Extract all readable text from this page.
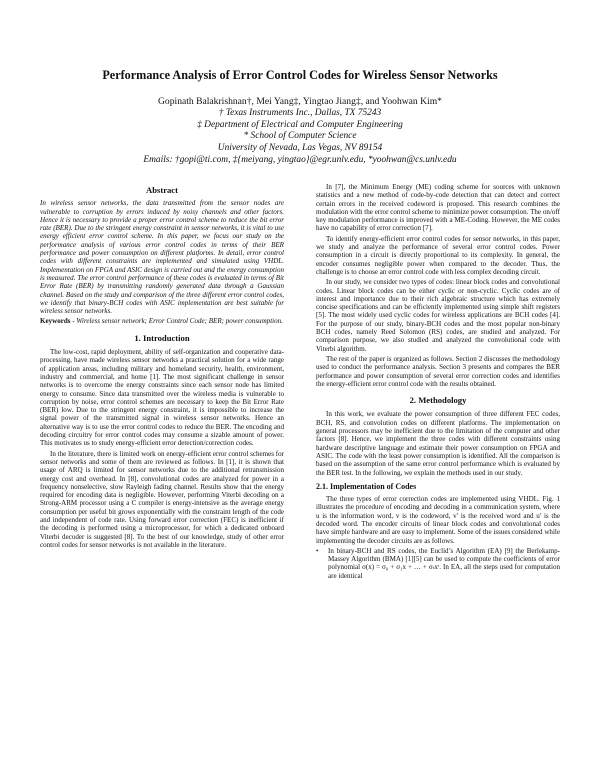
Performance Analysis of Error Control Codes for Wireless Sensor Networks
Gopinath Balakrishnan†, Mei Yang‡, Yingtao Jiang‡, and Yoohwan Kim*
† Texas Instruments Inc., Dallas, TX 75243
‡ Department of Electrical and Computer Engineering
* School of Computer Science
University of Nevada, Las Vegas, NV 89154
Emails: †gopi@ti.com, ‡{meiyang, yingtao}@egr.unlv.edu, *yoohwan@cs.unlv.edu
Abstract

In wireless sensor networks, the data transmitted from the sensor nodes are vulnerable to corruption by errors induced by noisy channels and other factors. Hence it is necessary to provide a proper error control scheme to reduce the bit error rate (BER). Due to the stringent energy constraint in sensor networks, it is vital to use energy efficient error control scheme. In this paper, we focus our study on the performance analysis of various error control codes in terms of their BER performance and power consumption on different platforms. In detail, error control codes with different constraints are implemented and simulated using VHDL. Implementation on FPGA and ASIC design is carried out and the energy consumption is measured. The error control performance of these codes is evaluated in terms of Bit Error Rate (BER) by transmitting randomly generated data through a Gaussian channel. Based on the study and comparison of the three different error control codes, we identify that binary-BCH codes with ASIC implementation are best suitable for wireless sensor networks.

Keywords - Wireless sensor network; Error Control Code; BER; power consumption.
1. Introduction

The low-cost, rapid deployment, ability of self-organization and cooperative data-processing, have made wireless sensor networks a practical solution for a wide range of application areas, including military and homeland security, health, environment, industry and commercial, and home [1]. The most significant challenge in sensor networks is to overcome the energy constraints since each sensor node has limited energy to consume. Since data transmitted over the wireless media is vulnerable to corruption by noise, error control schemes are necessary to keep the Bit Error Rate (BER) low. Due to the stringent energy constraint, it is impossible to increase the signal power of the transmitted signal in wireless sensor networks. Hence an alternative way is to use the error control codes to reduce the BER. The encoding and decoding circuitry for error control codes may consume a sizable amount of power. This motivates us to study energy-efficient error detection/correction codes.

In the literature, there is limited work on energy-efficient error control schemes for sensor networks and some of them are reviewed as follows. In [1], it is shown that usage of ARQ is limited for sensor networks due to the additional retransmission energy cost and overhead. In [8], convolutional codes are analyzed for power in a frequency nonselective, slow Rayleigh fading channel. Results show that the energy required for encoding data is negligible. However, performing Viterbi decoding on a Strong-ARM processor using a C compiler is energy-intensive as the average energy consumption per useful bit grows exponentially with the constraint length of the code and independent of code rate. Using forward error correction (FEC) is inefficient if the decoding is performed using a microprocessor, for which a dedicated onboard Viterbi decoder is suggested [8]. To the best of our knowledge, study of other error control codes for sensor networks is not available in the literature.

In [7], the Minimum Energy (ME) coding scheme for sources with unknown statistics and a new method of code-by-code detection that can detect and correct certain errors in the received codeword is proposed. This research combines the modulation with the error control scheme to minimize power consumption. The on/off key modulation performance is improved with a ME-Coding. However, the ME codes have no capability of error correction [7].

To identify energy-efficient error control codes for sensor networks, in this paper, we study and analyze the performance of several error control codes. Power consumption in a circuit is directly proportional to its complexity. In general, the encoder consumes negligible power when compared to the decoder. Thus, the challenge is to choose an error control code with less complex decoding circuit.

In our study, we consider two types of codes: linear block codes and convolutional codes. Linear block codes can be either cyclic or non-cyclic. Cyclic codes are of interest and importance due to their rich algebraic structure which has extremely concise specifications and can be efficiently implemented using simple shift registers [5]. The most widely used cyclic codes for wireless applications are BCH codes [4]. For the purpose of our study, binary-BCH codes and the most popular non-binary BCH codes, namely Reed Solomon (RS) codes, are studied and analyzed. For comparison purpose, we also studied and analyzed the convolutional code with Viterbi algorithm.

The rest of the paper is organized as follows. Section 2 discusses the methodology used to conduct the performance analysis. Section 3 presents and compares the BER performance and power consumption of several error correction codes and identifies the energy-efficient error control code with the results obtained.

2. Methodology

In this work, we evaluate the power consumption of three different FEC codes, BCH, RS, and convolution codes on different platforms. The implementation on general processors may be inefficient due to the limitation of the computer and other factors [8]. Hence, we implement the three codes with different constraints using hardware descriptive language and estimate their power consumption on FPGA and ASIC. The code with the least power consumption is identified. All the comparison is based on the assumption of the same error control performance which is evaluated by the BER test. In the following, we explain the methods used in our study.

2.1. Implementation of Codes

The three types of error correction codes are implemented using VHDL. Fig. 1 illustrates the procedure of encoding and decoding in a communication system, where u is the information word, v is the codeword, v′ is the received word and u′ is the decoded word. The encoder circuits of linear block codes and convolutional codes have simple hardware and are easy to implement. Some of the issues considered while implementing the decoder circuits are as follows.

•	In binary-BCH and RS codes, the Euclid’s Algorithm (EA) [9] the Berlekamp-Massey Algorithm (BMA) [1][5] can be used to compute the coefficients of error polynomial σ(x) = σ₀ + σ₁x + … + σₜxᵗ. In EA, all the steps used for computation are identical
